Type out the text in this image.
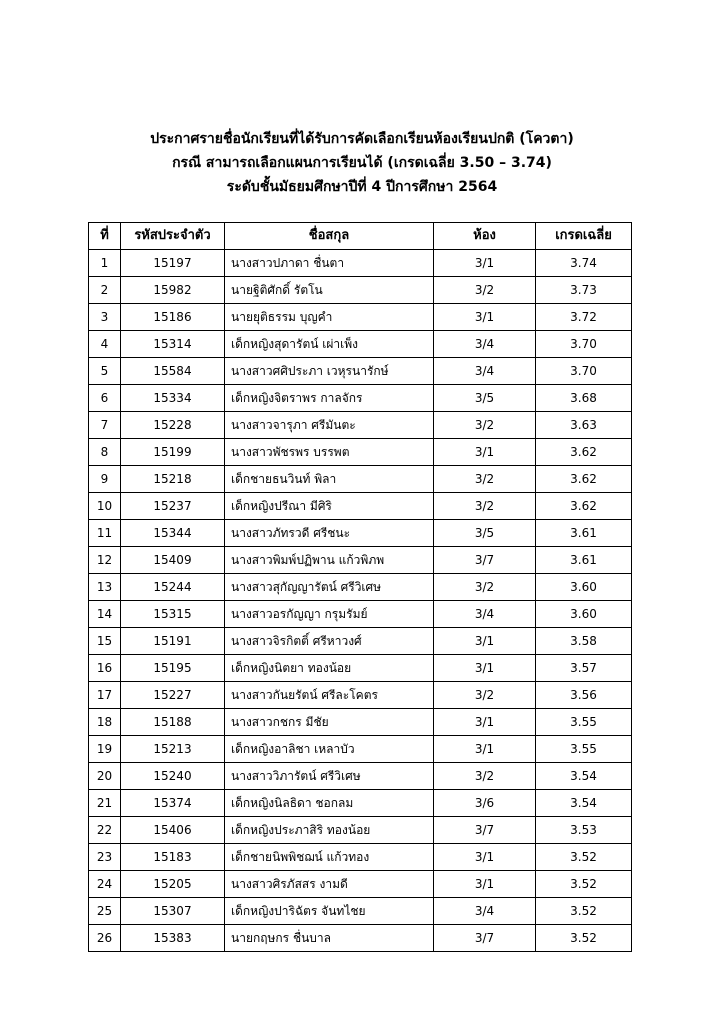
ประกาศรายชื่อนักเรียนที่ได้รับการคัดเลือกเรียนห้องเรียนปกติ (โควตา)
กรณี สามารถเลือกแผนการเรียนได้ (เกรดเฉลี่ย 3.50 – 3.74)
ระดับชั้นมัธยมศึกษาปีที่ 4 ปีการศึกษา 2564
ที่	รหัสประจำตัว	ชื่อสกุล	ห้อง	เกรดเฉลี่ย
1	15197	นางสาวปภาดา ชื่นตา	3/1	3.74
2	15982	นายฐิติศักดิ์ รัตโน	3/2	3.73
3	15186	นายยุติธรรม บุญคำ	3/1	3.72
4	15314	เด็กหญิงสุดารัตน์ เผ่าเพ็ง	3/4	3.70
5	15584	นางสาวศศิประภา เวหุรนารักษ์	3/4	3.70
6	15334	เด็กหญิงจิตราพร กาลจักร	3/5	3.68
7	15228	นางสาวจารุภา ศรีมันตะ	3/2	3.63
8	15199	นางสาวพัชรพร บรรพต	3/1	3.62
9	15218	เด็กชายธนวินท์ พิลา	3/2	3.62
10	15237	เด็กหญิงปรีณา มีศิริ	3/2	3.62
11	15344	นางสาวภัทรวดี ศรีชนะ	3/5	3.61
12	15409	นางสาวพิมพ์ปฏิพาน แก้วพิภพ	3/7	3.61
13	15244	นางสาวสุกัญญารัตน์ ศรีวิเศษ	3/2	3.60
14	15315	นางสาวอรกัญญา กรุมรัมย์	3/4	3.60
15	15191	นางสาวจิรกิตติ์ ศรีหาวงศ์	3/1	3.58
16	15195	เด็กหญิงนิตยา ทองน้อย	3/1	3.57
17	15227	นางสาวกันยรัตน์ ศรีละโคตร	3/2	3.56
18	15188	นางสาวกชกร มีชัย	3/1	3.55
19	15213	เด็กหญิงอาลิชา เหลาบัว	3/1	3.55
20	15240	นางสาววิภารัตน์ ศรีวิเศษ	3/2	3.54
21	15374	เด็กหญิงนิลธิดา ชอกลม	3/6	3.54
22	15406	เด็กหญิงประภาสิริ ทองน้อย	3/7	3.53
23	15183	เด็กชายนิพพิชฌน์ แก้วทอง	3/1	3.52
24	15205	นางสาวศิรภัสสร งามดี	3/1	3.52
25	15307	เด็กหญิงปาริฉัตร จันทไชย	3/4	3.52
26	15383	นายกฤษกร ชื่นบาล	3/7	3.52
